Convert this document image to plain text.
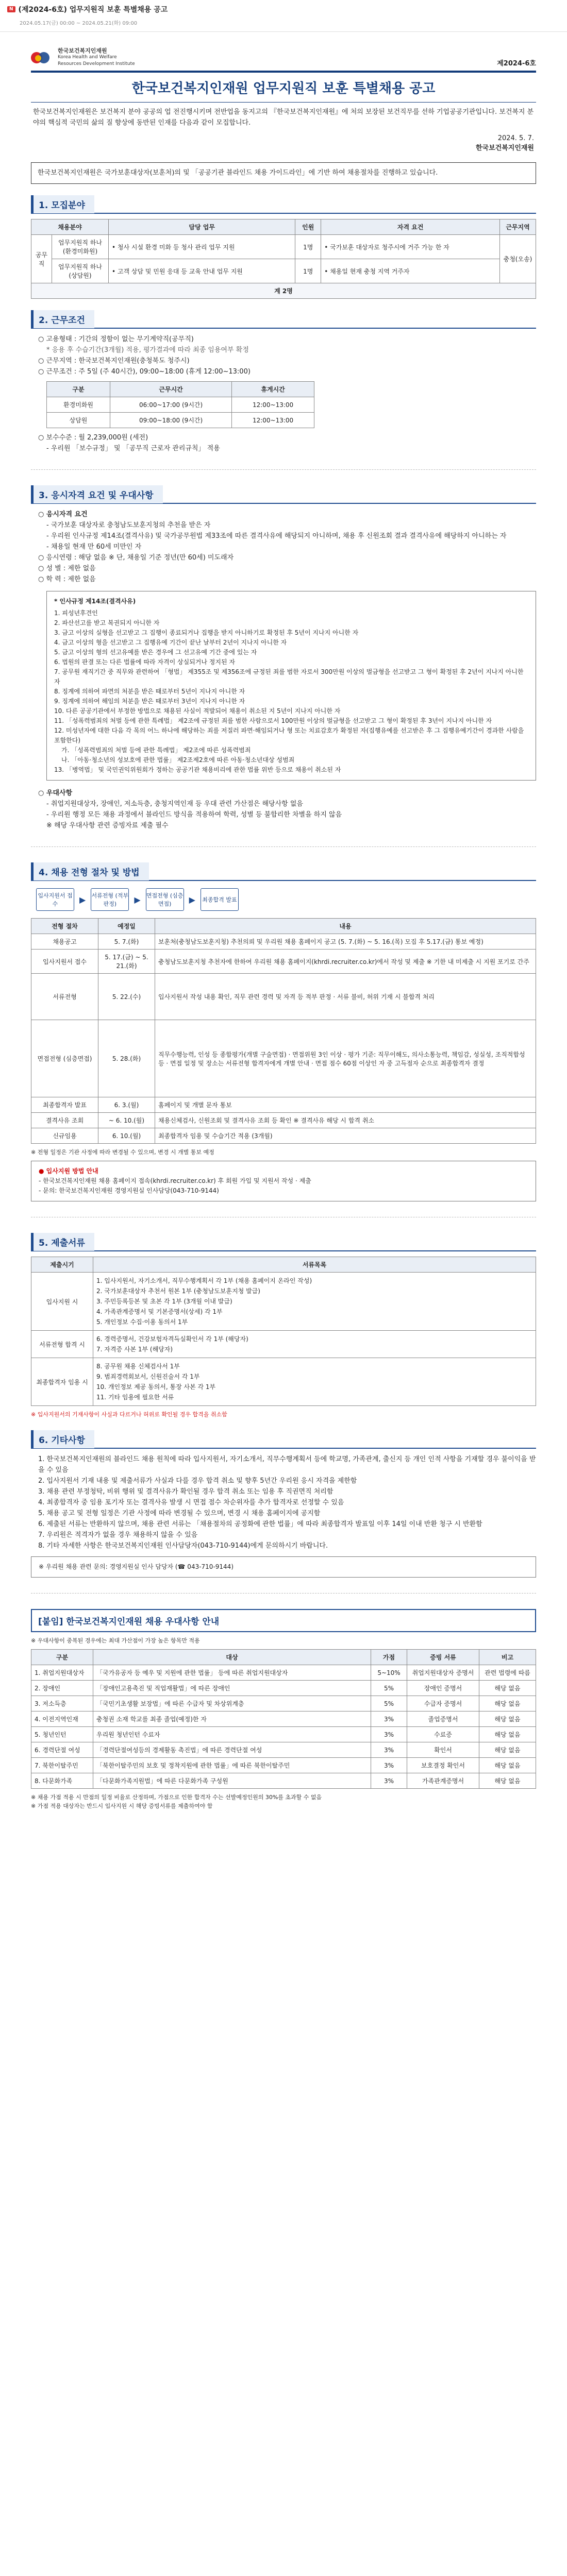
N (제2024-6호) 업무지원직 보훈 특별채용 공고
2024.05.17(금) 00:00 ~ 2024.05.21(화) 09:00
한국보건복지인재원
Korea Health and Welfare
Resources Development Institute	제2024-6호
한국보건복지인재원 업무지원직 보훈 특별채용 공고
한국보건복지인재원은 보건복지 분야 공공의 업 전진행시키며 전반업을 동지고의 『한국보건복지인재원』에 처의 보장된 보건직무를 선하 기업공공기관입니다. 보건복지 분야의 핵심적 국민의 삶의 질 향상에 동반된 인재를 다음과 같이 모집합니다.
2024. 5. 7.
한국보건복지인재원
한국보건복지인재원은 국가보훈대상자(보훈처)의 및 「공공기관 블라인드 채용 가이드라인」에 기반 하여 채용절차를 진행하고 있습니다.
1. 모집분야
채용분야		담당 업무	인원	자격 요건	근무지역
공무직	업무지원직 하나(환경미화원)	• 청사 시설 환경 미화 등 청사 관리 업무 지원	1명	• 국가보훈 대상자로 청주시에 거주 가능 한 자	충청(오송)
	업무지원직 하나(상담원)	• 고객 상담 및 민원 응대 등 교육 안내 업무 지원	1명	• 채용일 현재 충청 지역 거주자	
계 2명					
2. 근무조건

○ 고용형태 : 기간의 정함이 없는 무기계약직(공무직)

* 응용 후 수습기간(3개월) 적용, 평가결과에 따라 최종 임용여부 확정

○ 근무지역 : 한국보건복지인재원(충청북도 청주시)

○ 근무조건 : 주 5일 (주 40시간), 09:00~18:00 (휴게 12:00~13:00)

구분	근무시간	휴게시간
환경미화원	06:00~17:00 (9시간)	12:00~13:00
상담원	09:00~18:00 (9시간)	12:00~13:00

○ 보수수준 : 월 2,239,000원 (세전)

- 우리원 「보수규정」 및 「공무직 근로자 관리규칙」 적용

3. 응시자격 요건 및 우대사항

○ 응시자격 요건

- 국가보훈 대상자로 충청남도보훈지청의 추천을 받은 자

- 우리원 인사규정 제14조(결격사유) 및 국가공무원법 제33조에 따른 결격사유에 해당되지 아니하며, 채용 후 신원조회 결과 결격사유에 해당하지 아니하는 자

- 채용일 현재 만 60세 미만인 자

○ 응시연령 : 해당 없음 ※ 단, 채용일 기준 정년(만 60세) 미도래자

○ 성 별 : 제한 없음

○ 학 력 : 제한 없음

* 인사규정 제14조(결격사유)
1. 피성년후견인
2. 파산선고를 받고 복권되지 아니한 자
3. 금고 이상의 실형을 선고받고 그 집행이 종료되거나 집행을 받지 아니하기로 확정된 후 5년이 지나지 아니한 자
4. 금고 이상의 형을 선고받고 그 집행유예 기간이 끝난 날부터 2년이 지나지 아니한 자
5. 금고 이상의 형의 선고유예를 받은 경우에 그 선고유예 기간 중에 있는 자
6. 법원의 판결 또는 다른 법률에 따라 자격이 상실되거나 정지된 자
7. 공무원 재직기간 중 직무와 관련하여 「형법」 제355조 및 제356조에 규정된 죄를 범한 자로서 300만원 이상의 벌금형을 선고받고 그 형이 확정된 후 2년이 지나지 아니한 자
8. 징계에 의하여 파면의 처분을 받은 때로부터 5년이 지나지 아니한 자
9. 징계에 의하여 해임의 처분을 받은 때로부터 3년이 지나지 아니한 자
10. 다른 공공기관에서 부정한 방법으로 채용된 사실이 적발되어 채용이 취소된 지 5년이 지나지 아니한 자
11. 「성폭력범죄의 처벌 등에 관한 특례법」 제2조에 규정된 죄를 범한 사람으로서 100만원 이상의 벌금형을 선고받고 그 형이 확정된 후 3년이 지나지 아니한 자
12. 미성년자에 대한 다음 각 목의 어느 하나에 해당하는 죄를 저질러 파면·해임되거나 형 또는 치료감호가 확정된 자(집행유예를 선고받은 후 그 집행유예기간이 경과한 사람을 포함한다)
가. 「성폭력범죄의 처벌 등에 관한 특례법」 제2조에 따른 성폭력범죄
나. 「아동·청소년의 성보호에 관한 법률」 제2조제2호에 따른 아동·청소년대상 성범죄
13. 「병역법」 및 국민권익위원회가 정하는 공공기관 채용비리에 관한 법률 위반 등으로 채용이 취소된 자

○ 우대사항

- 취업지원대상자, 장애인, 저소득층, 충청지역인재 등 우대 관련 가산점은 해당사항 없음

- 우리원 행정 모든 채용 과정에서 블라인드 방식을 적용하여 학력, 성별 등 불합리한 차별을 하지 않음

※ 해당 우대사항 관련 증빙자료 제출 필수

4. 채용 전형 절차 및 방법
입사지원서 접수	▶ 서류전형 (적부판정)	▶ 면접전형 (심층면접)	▶	최종합격 발표
전형 절차	예정일	내용
채용공고	5. 7.(화)	보훈처(충청남도보훈지청) 추천의뢰 및 우리원 채용 홈페이지 공고 (5. 7.(화) ~ 5. 16.(목) 모집 후 5.17.(금) 통보 예정)
입사지원서 접수	5. 17.(금) ~ 5. 21.(화)	충청남도보훈지청 추천자에 한하여 우리원 채용 홈페이지(khrdi.recruiter.co.kr)에서 작성 및 제출 ※ 기한 내 미제출 시 지원 포기로 간주
서류전형	5. 22.(수)	입사지원서 작성 내용 확인, 직무 관련 경력 및 자격 등 적부 판정 · 서류 불비, 허위 기재 시 불합격 처리
면접전형 (심층면접)	5. 28.(화)	직무수행능력, 인성 등 종합평가(개별 구술면접) · 면접위원 3인 이상 · 평가 기준: 직무이해도, 의사소통능력, 책임감, 성실성, 조직적합성 등 · 면접 일정 및 장소는 서류전형 합격자에게 개별 안내 · 면접 점수 60점 이상인 자 중 고득점자 순으로 최종합격자 결정
최종합격자 발표	6. 3.(월)	홈페이지 및 개별 문자 통보
결격사유 조회	~ 6. 10.(월)	채용신체검사, 신원조회 및 결격사유 조회 등 확인 ※ 결격사유 해당 시 합격 취소
신규임용	6. 10.(월)	최종합격자 임용 및 수습기간 적용 (3개월)

※ 전형 일정은 기관 사정에 따라 변경될 수 있으며, 변경 시 개별 통보 예정

● 입사지원 방법 안내
- 한국보건복지인재원 채용 홈페이지 접속(khrdi.recruiter.co.kr) 후 회원 가입 및 지원서 작성 · 제출
- 문의: 한국보건복지인재원 경영지원실 인사담당(043-710-9144)
5. 제출서류
제출시기	서류목록
입사지원 시	1. 입사지원서, 자기소개서, 직무수행계획서 각 1부 (채용 홈페이지 온라인 작성)
2. 국가보훈대상자 추천서 원본 1부 (충청남도보훈지청 발급)
3. 주민등록등본 및 초본 각 1부 (3개월 이내 발급)
4. 가족관계증명서 및 기본증명서(상세) 각 1부
5. 개인정보 수집·이용 동의서 1부
서류전형 합격 시	6. 경력증명서, 건강보험자격득실확인서 각 1부 (해당자)
7. 자격증 사본 1부 (해당자)
최종합격자 임용 시	8. 공무원 채용 신체검사서 1부
9. 범죄경력회보서, 신원진술서 각 1부
10. 개인정보 제공 동의서, 통장 사본 각 1부
11. 기타 임용에 필요한 서류

※ 입사지원서의 기재사항이 사실과 다르거나 허위로 확인될 경우 합격을 취소함

6. 기타사항

1. 한국보건복지인재원의 블라인드 채용 원칙에 따라 입사지원서, 자기소개서, 직무수행계획서 등에 학교명, 가족관계, 출신지 등 개인 인적 사항을 기재할 경우 불이익을 받을 수 있음

2. 입사지원서 기재 내용 및 제출서류가 사실과 다를 경우 합격 취소 및 향후 5년간 우리원 응시 자격을 제한함

3. 채용 관련 부정청탁, 비위 행위 및 결격사유가 확인될 경우 합격 취소 또는 임용 후 직권면직 처리함

4. 최종합격자 중 임용 포기자 또는 결격사유 발생 시 면접 점수 차순위자를 추가 합격자로 선정할 수 있음

5. 채용 공고 및 전형 일정은 기관 사정에 따라 변경될 수 있으며, 변경 시 채용 홈페이지에 공지함

6. 제출된 서류는 반환하지 않으며, 채용 관련 서류는 「채용절차의 공정화에 관한 법률」에 따라 최종합격자 발표일 이후 14일 이내 반환 청구 시 반환함

7. 우리원은 적격자가 없을 경우 채용하지 않을 수 있음

8. 기타 자세한 사항은 한국보건복지인재원 인사담당자(043-710-9144)에게 문의하시기 바랍니다.

※ 우리원 채용 관련 문의: 경영지원실 인사 담당자 (☎ 043-710-9144)
[붙임] 한국보건복지인재원 채용 우대사항 안내

※ 우대사항이 중복된 경우에는 최대 가산점이 가장 높은 항목만 적용

구분	대상	가점	증빙 서류	비고
1. 취업지원대상자	「국가유공자 등 예우 및 지원에 관한 법률」 등에 따른 취업지원대상자	5~10%	취업지원대상자 증명서	관련 법령에 따름
2. 장애인	「장애인고용촉진 및 직업재활법」에 따른 장애인	5%	장애인 증명서	해당 없음
3. 저소득층	「국민기초생활 보장법」에 따른 수급자 및 차상위계층	5%	수급자 증명서	해당 없음
4. 이전지역인재	충청권 소재 학교를 최종 졸업(예정)한 자	3%	졸업증명서	해당 없음
5. 청년인턴	우리원 청년인턴 수료자	3%	수료증	해당 없음
6. 경력단절 여성	「경력단절여성등의 경제활동 촉진법」에 따른 경력단절 여성	3%	확인서	해당 없음
7. 북한이탈주민	「북한이탈주민의 보호 및 정착지원에 관한 법률」에 따른 북한이탈주민	3%	보호결정 확인서	해당 없음
8. 다문화가족	「다문화가족지원법」에 따른 다문화가족 구성원	3%	가족관계증명서	해당 없음

※ 채용 가점 적용 시 만점의 일정 비율로 산정하며, 가점으로 인한 합격자 수는 선발예정인원의 30%를 초과할 수 없음

※ 가점 적용 대상자는 반드시 입사지원 시 해당 증빙서류를 제출하여야 함
